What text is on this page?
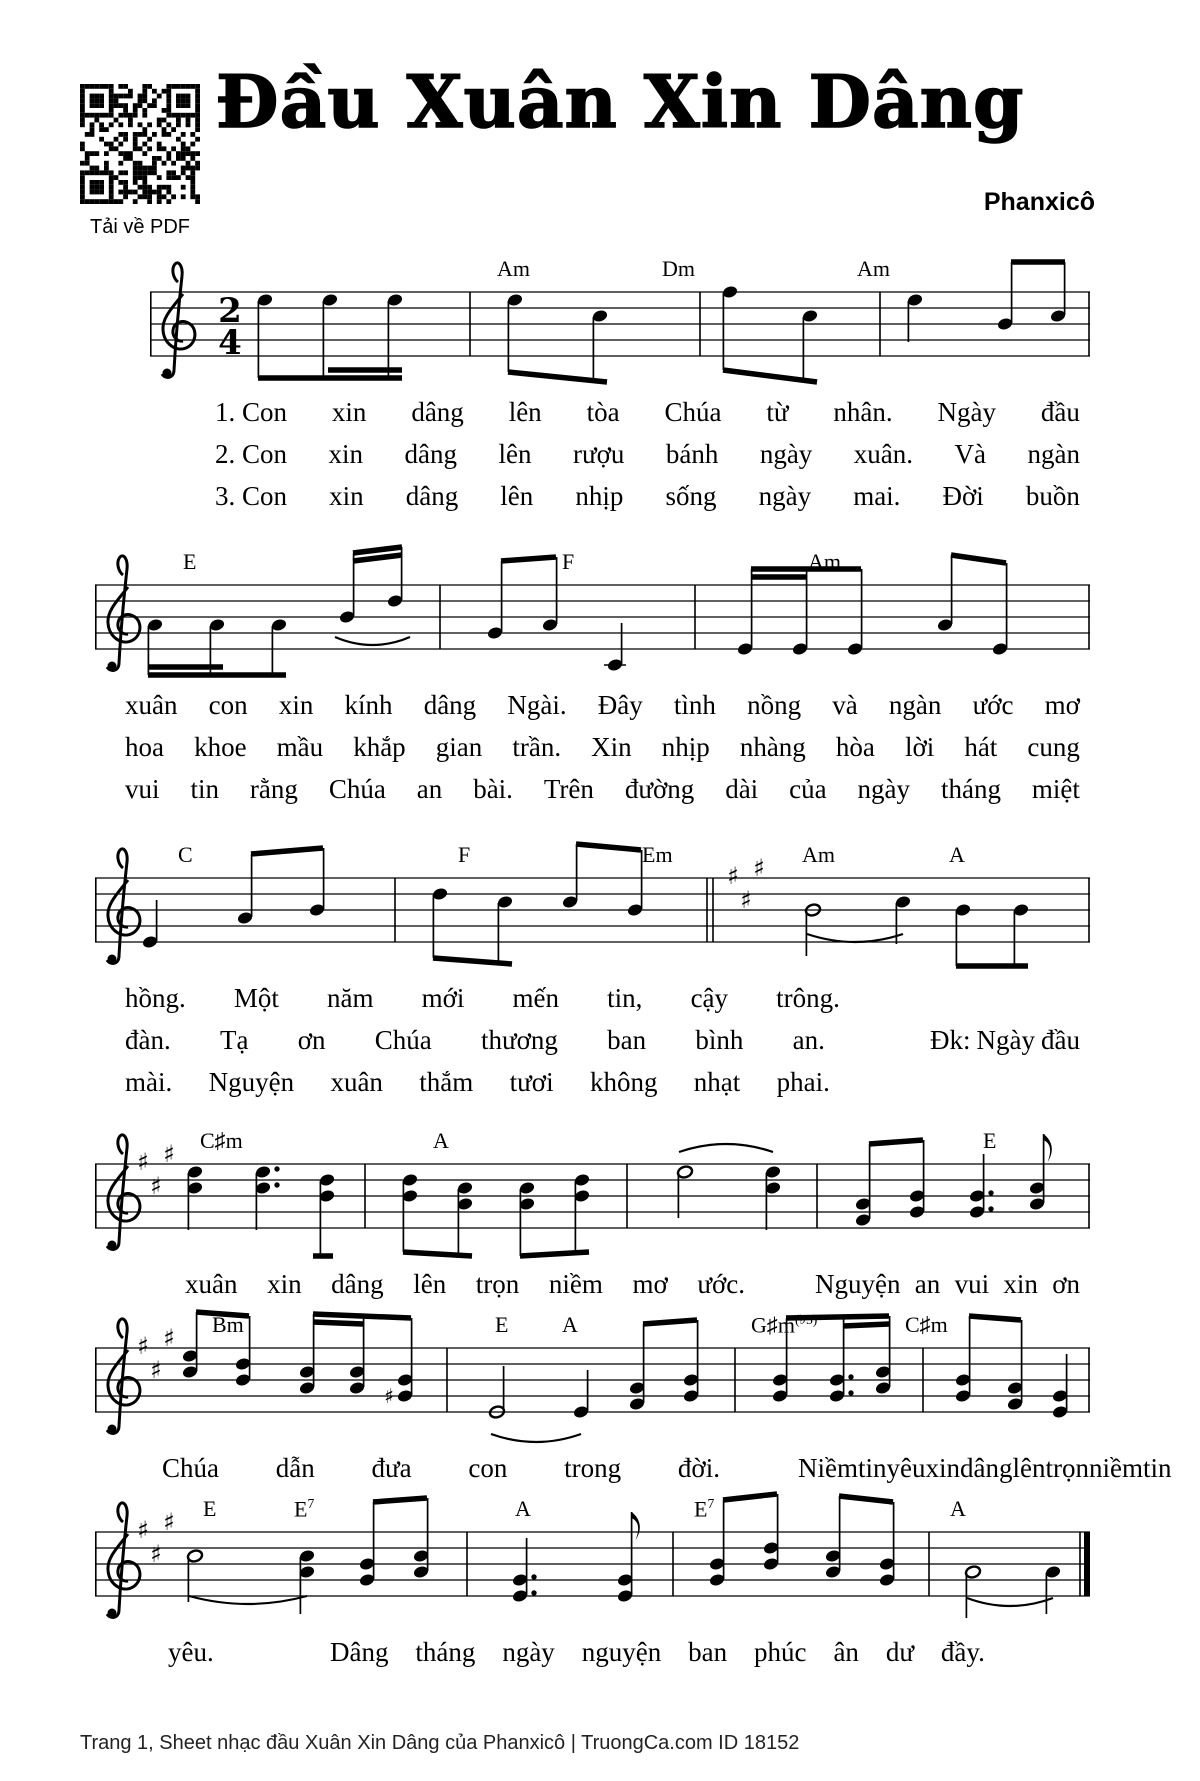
Tải về PDF
Đầu Xuân Xin Dâng
Phanxicô
Trang 1, Sheet nhạc đầu Xuân Xin Dâng của Phanxicô | TruongCa.com ID 18152
2
4
Am	Dm	Am
1. Con xin dâng lên tòa Chúa từ nhân. Ngày đầu
2. Con xin dâng lên rượu bánh ngày xuân. Và ngàn
3. Con xin dâng lên nhịp sống ngày mai. Đời buồn
E	F	Am
xuân con xin kính dâng Ngài. Đây tình nồng và ngàn ước mơ
hoa khoe mầu khắp gian trần. Xin nhịp nhàng hòa lời hát cung
vui tin rằng Chúa an bài. Trên đường dài của ngày tháng miệt
♯
♯
♯
C	F	Em	Am	A
hồng. Một năm mới mến tin, cậy trông.
đàn. Tạ ơn Chúa thương ban bình an.	Đk: Ngày đầu
mài. Nguyện xuân thắm tươi không nhạt phai.
♯
♯
♯ C♯m	A	E
xuân xin dâng lên trọn niềm mơ ước.	Nguyện an vui xin ơn
♯
♯
♯
♯
Bm	E A	$G♯m^{(♭5)}$	C♯m
Chúa dẫn đưa con trong đời.	Niềm tin yêu xin dâng lên trọn niềm tin
♯
♯
♯ E	$E^7$	A	$E^7$	A
yêu.	Dâng tháng ngày nguyện ban phúc ân dư đầy.
